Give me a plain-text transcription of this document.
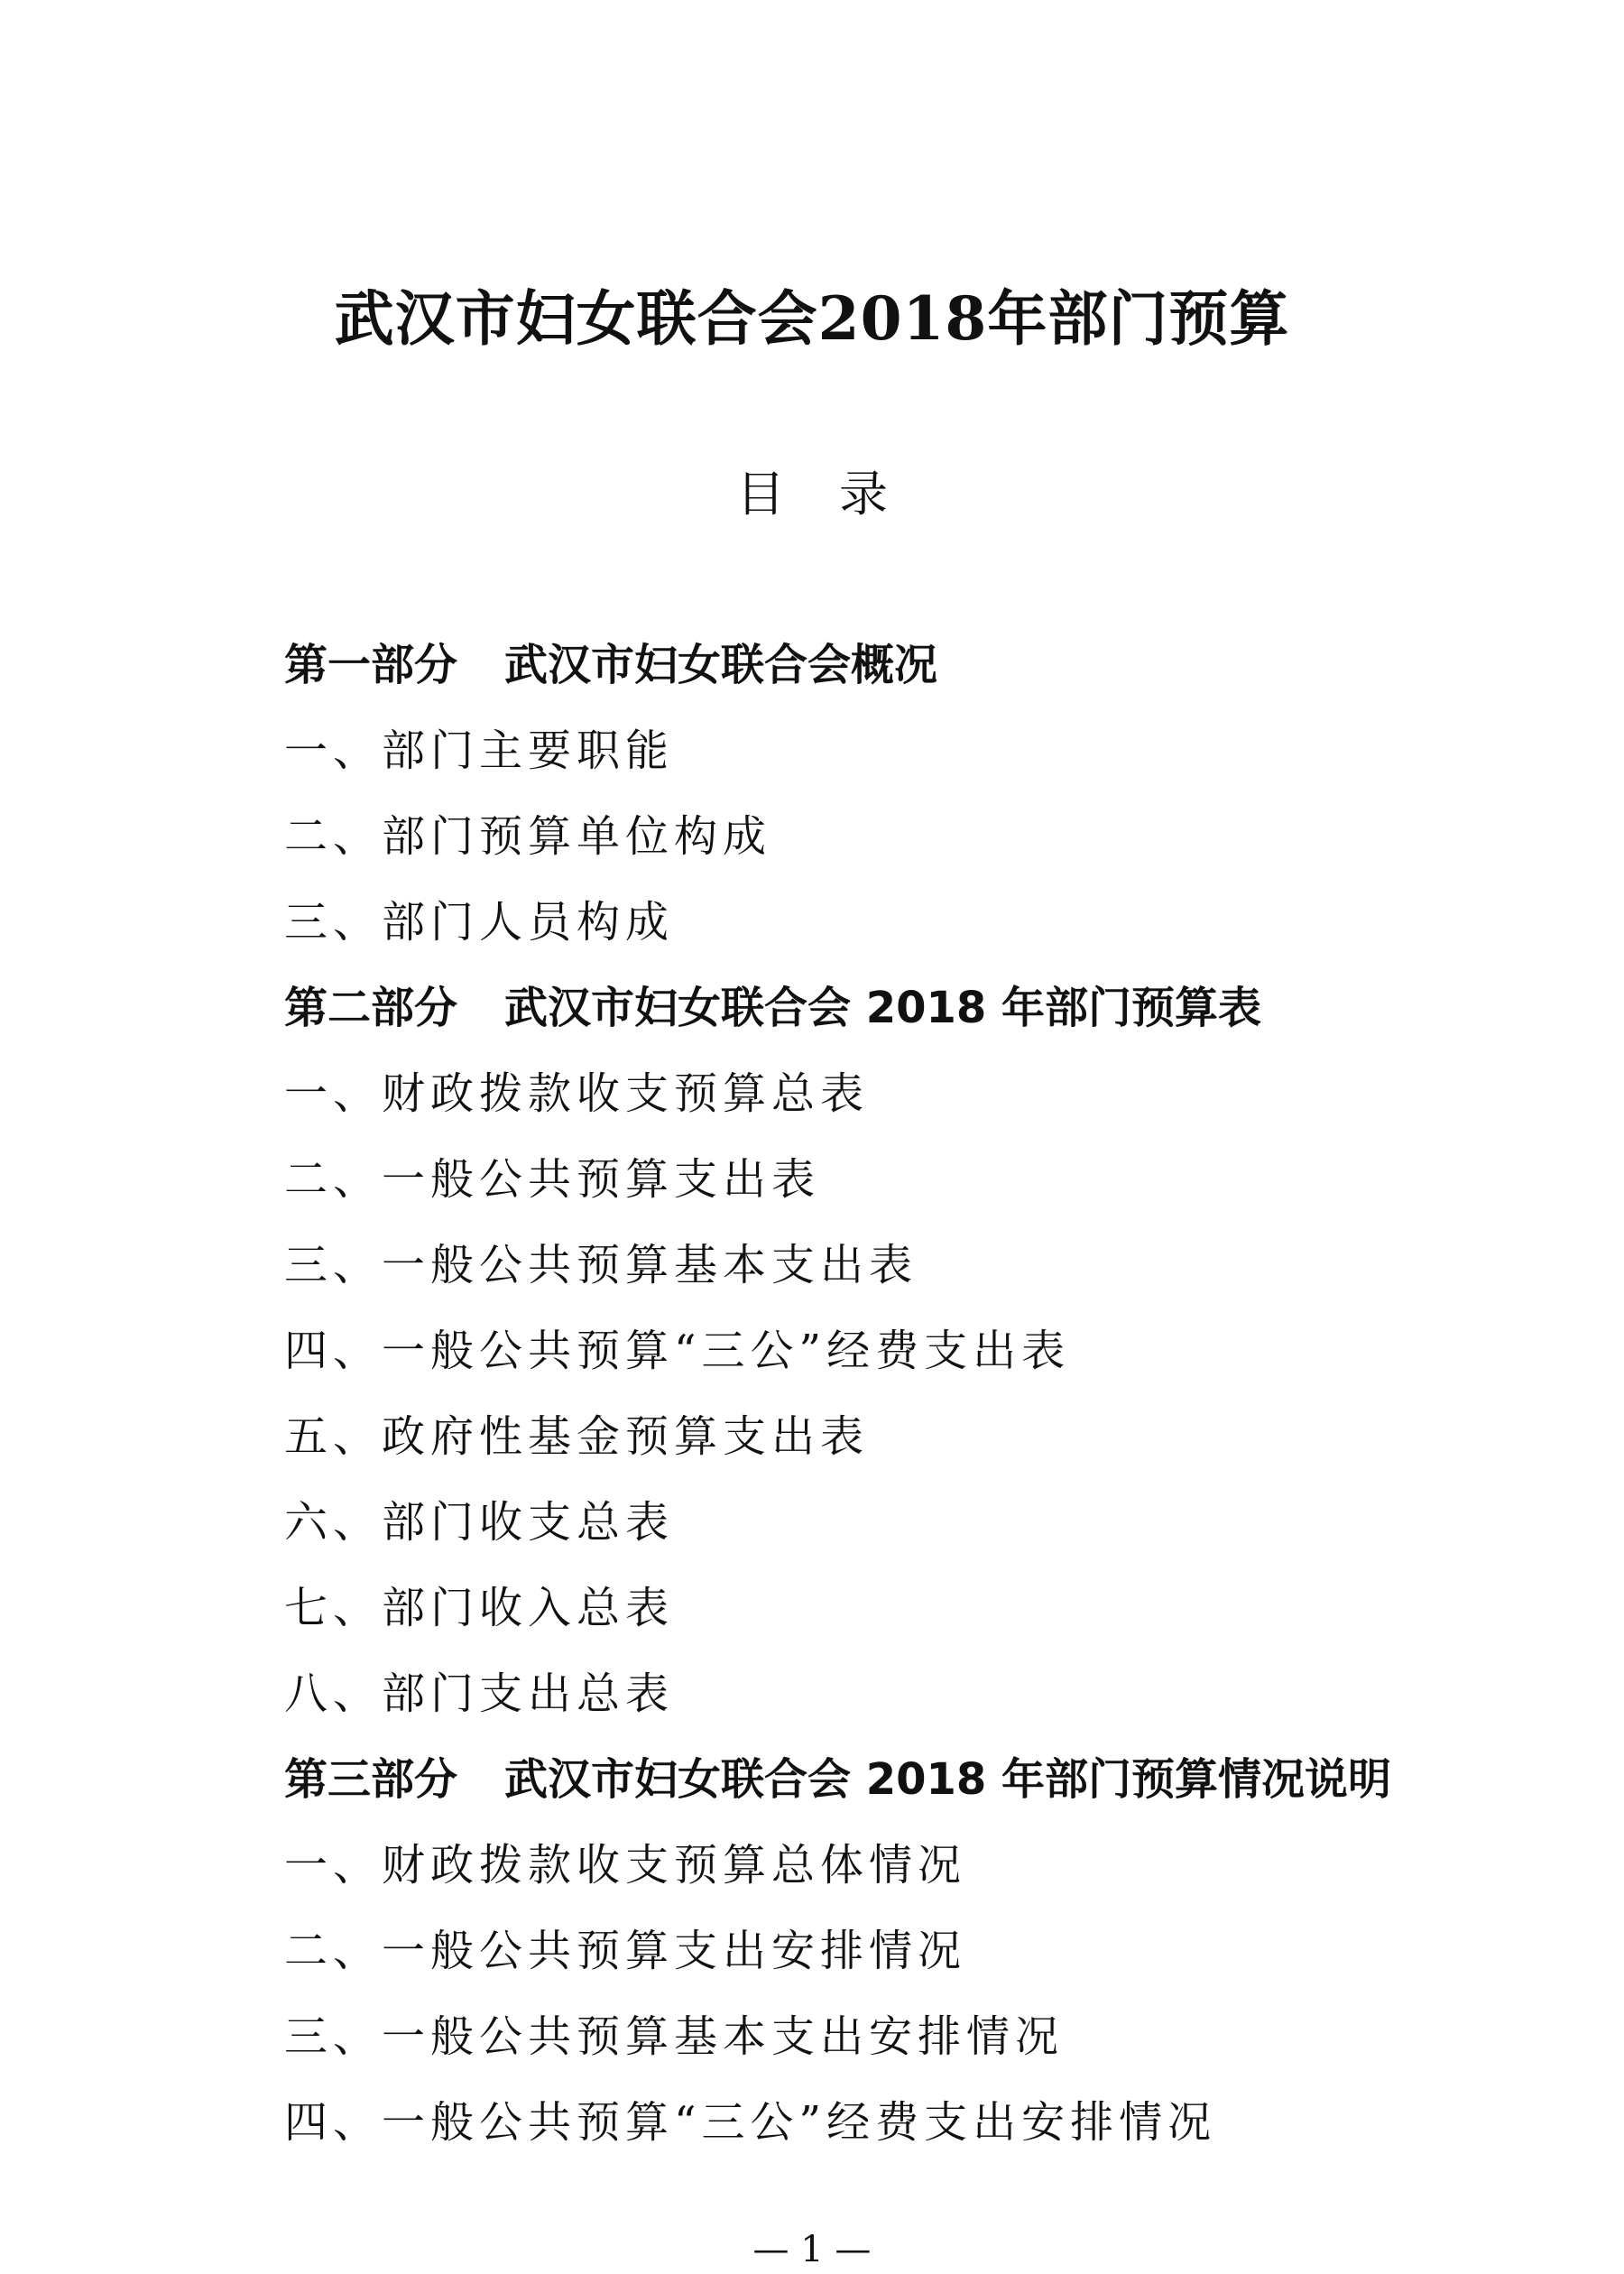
武汉市妇女联合会2018年部门预算
目 录
第一部分 武汉市妇女联合会概况
一、部门主要职能
二、部门预算单位构成
三、部门人员构成
第二部分 武汉市妇女联合会 2018 年部门预算表
一、财政拨款收支预算总表
二、一般公共预算支出表
三、一般公共预算基本支出表
四、一般公共预算“三公”经费支出表
五、政府性基金预算支出表
六、部门收支总表
七、部门收入总表
八、部门支出总表
第三部分 武汉市妇女联合会 2018 年部门预算情况说明
一、财政拨款收支预算总体情况
二、一般公共预算支出安排情况
三、一般公共预算基本支出安排情况
四、一般公共预算“三公”经费支出安排情况
— 1 —
